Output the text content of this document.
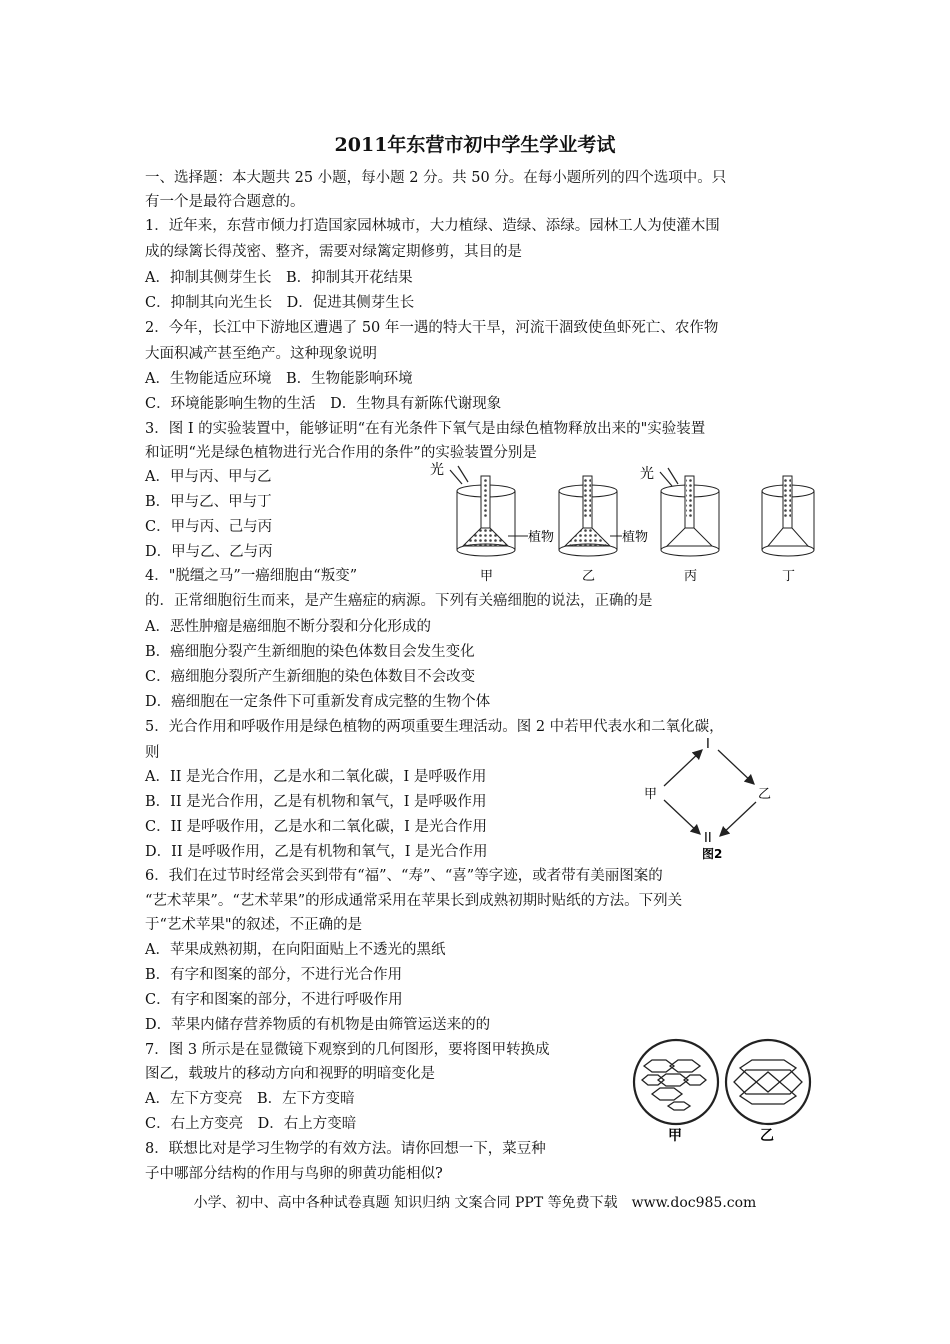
2011年东营市初中学生学业考试
一、选择题：本大题共 25 小题，每小题 2 分。共 50 分。在每小题所列的四个选项中。只
有一个是最符合题意的。
1．近年来，东营市倾力打造国家园林城市，大力植绿、造绿、添绿。园林工人为使灌木围
成的绿篱长得茂密、整齐，需要对绿篱定期修剪，其目的是
A．抑制其侧芽生长　B．抑制其开花结果
C．抑制其向光生长　D．促进其侧芽生长
2．今年，长江中下游地区遭遇了 50 年一遇的特大干旱，河流干涸致使鱼虾死亡、农作物
大面积减产甚至绝产。这种现象说明
A．生物能适应环境　B．生物能影响环境
C．环境能影响生物的生活　D．生物具有新陈代谢现象
3．图 I 的实验装置中，能够证明“在有光条件下氧气是由绿色植物释放出来的"实验装置
和证明“光是绿色植物进行光合作用的条件”的实验装置分别是
A．甲与丙、甲与乙
B．甲与乙、甲与丁
C．甲与丙、己与丙
D．甲与乙、乙与丙
4．"脱缰之马”一癌细胞由“叛变”
的．正常细胞衍生而来，是产生癌症的病源。下列有关癌细胞的说法，正确的是
A．恶性肿瘤是癌细胞不断分裂和分化形成的
B．癌细胞分裂产生新细胞的染色体数目会发生变化
C．癌细胞分裂所产生新细胞的染色体数目不会改变
D．癌细胞在一定条件下可重新发育成完整的生物个体
5．光合作用和呼吸作用是绿色植物的两项重要生理活动。图 2 中若甲代表水和二氧化碳，
则
A．II 是光合作用，乙是水和二氧化碳，I 是呼吸作用
B．II 是光合作用，乙是有机物和氧气，I 是呼吸作用
C．II 是呼吸作用，乙是水和二氧化碳，I 是光合作用
D．II 是呼吸作用，乙是有机物和氧气，I 是光合作用
6．我们在过节时经常会买到带有“福”、“寿”、“喜”等字迹，或者带有美丽图案的
“艺术苹果”。“艺术苹果”的形成通常采用在苹果长到成熟初期时贴纸的方法。下列关
于“艺术苹果"的叙述，不正确的是
A．苹果成熟初期，在向阳面贴上不透光的黑纸
B．有字和图案的部分，不进行光合作用
C．有字和图案的部分，不进行呼吸作用
D．苹果内储存营养物质的有机物是由筛管运送来的的
7．图 3 所示是在显微镜下观察到的几何图形，要将图甲转换成
图乙，载玻片的移动方向和视野的明暗变化是
A．左下方变亮　B．左下方变暗
C．右上方变亮　D．右上方变暗
8．联想比对是学习生物学的有效方法。请你回想一下，菜豆种
子中哪部分结构的作用与鸟卵的卵黄功能相似?
光
植物
甲
植物
乙
光
丙	丁
I
甲	乙
II
图2
甲	乙
小学、初中、高中各种试卷真题 知识归纳 文案合同 PPT 等免费下载　www.doc985.com
